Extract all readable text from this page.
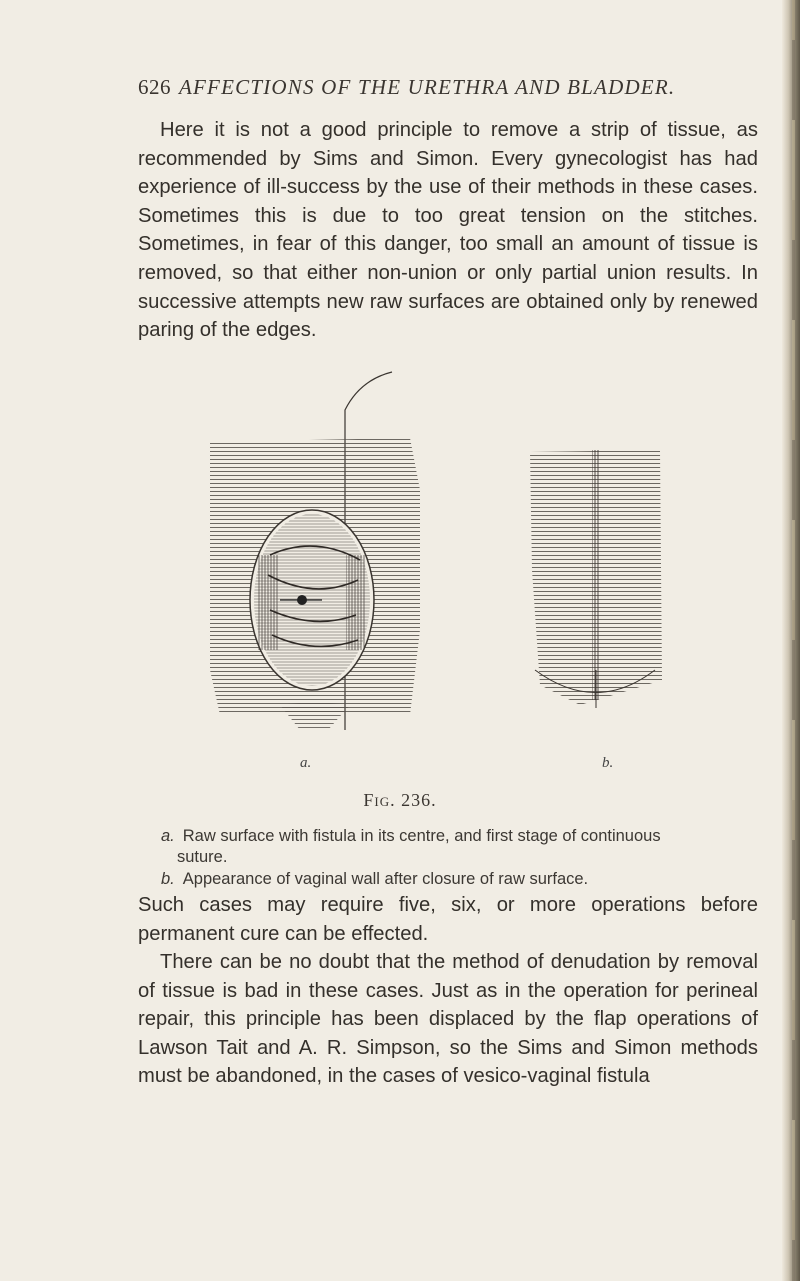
626 AFFECTIONS OF THE URETHRA AND BLADDER.

Here it is not a good principle to remove a strip of tissue, as recommended by Sims and Simon. Every gynecologist has had experience of ill-success by the use of their methods in these cases. Sometimes this is due to too great tension on the stitches. Sometimes, in fear of this danger, too small an amount of tissue is removed, so that either non-union or only partial union results. In successive attempts new raw surfaces are obtained only by renewed paring of the edges.

a.	b.
Fig. 236.
a. Raw surface with fistula in its centre, and first stage of continuous
suture.
b. Appearance of vaginal wall after closure of raw surface.

Such cases may require five, six, or more operations before permanent cure can be effected.

There can be no doubt that the method of denudation by removal of tissue is bad in these cases. Just as in the operation for perineal repair, this principle has been displaced by the flap operations of Lawson Tait and A. R. Simpson, so the Sims and Simon methods must be abandoned, in the cases of vesico-vaginal fistula
